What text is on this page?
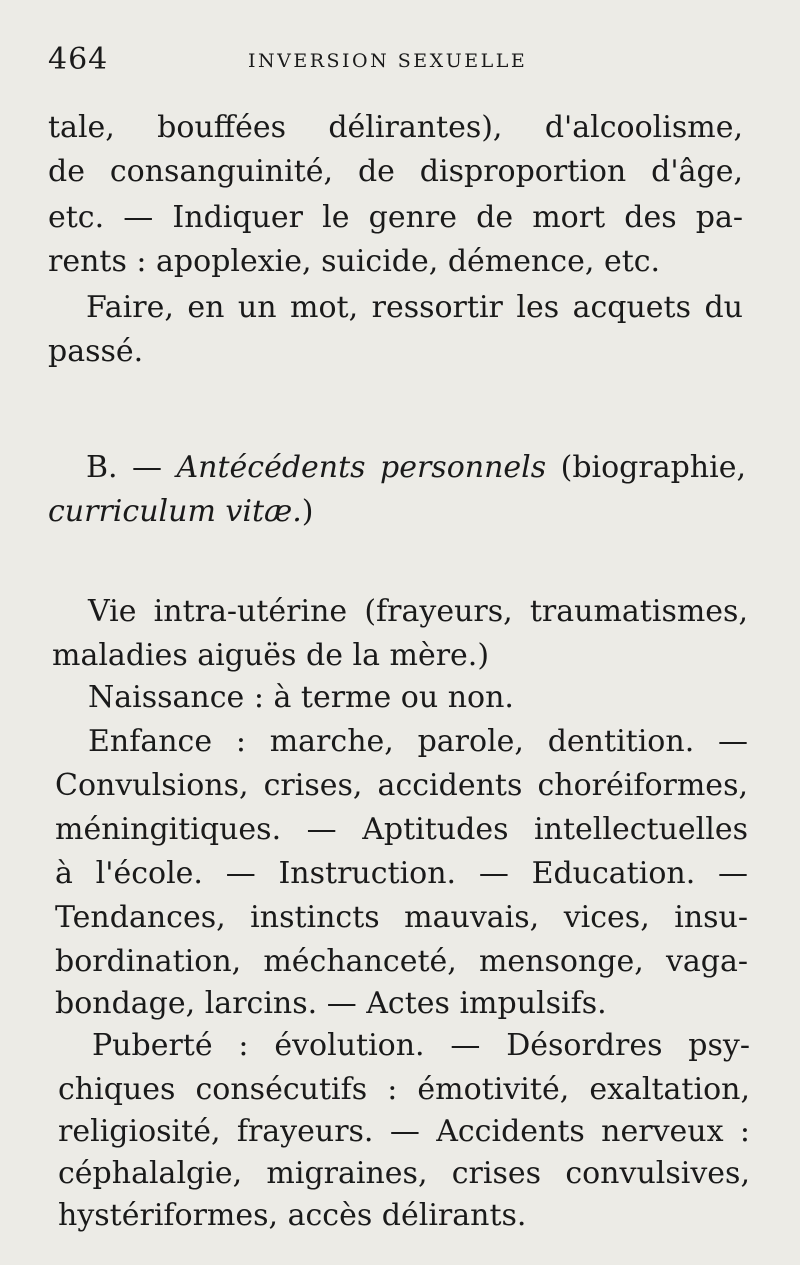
464	INVERSION SEXUELLE
tale, bouffées délirantes), d'alcoolisme,
de consanguinité, de disproportion d'âge,
etc. — Indiquer le genre de mort des pa-
rents : apoplexie, suicide, démence, etc.
Faire, en un mot, ressortir les acquets du
passé.
B. — Antécédents personnels (biographie,
curriculum vitæ.)
Vie intra-utérine (frayeurs, traumatismes,
maladies aiguës de la mère.)
Naissance : à terme ou non.
Enfance : marche, parole, dentition. —
Convulsions, crises, accidents choréiformes,
méningitiques. — Aptitudes intellectuelles
à l'école. — Instruction. — Education. —
Tendances, instincts mauvais, vices, insu-
bordination, méchanceté, mensonge, vaga-
bondage, larcins. — Actes impulsifs.
Puberté : évolution. — Désordres psy-
chiques consécutifs : émotivité, exaltation,
religiosité, frayeurs. — Accidents nerveux :
céphalalgie, migraines, crises convulsives,
hystériformes, accès délirants.
